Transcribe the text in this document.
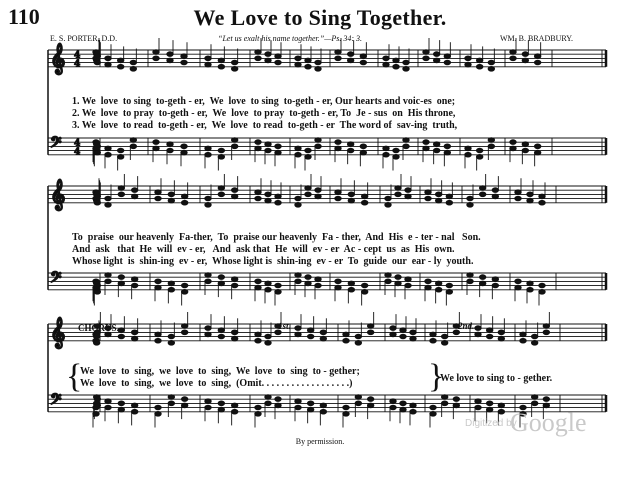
110	We Love to Sing Together.
E. S. PORTER, D.D.	“Let us exalt his name together.”—Ps. 34: 3.	WM. B. BRADBURY.
𝄞 4
4
𝄢 4
4
𝄞
𝄢
𝄞
𝄢
1. We  love  to sing  to-geth - er,  We  love  to sing  to-geth - er, Our hearts and voic-es  one;
2. We  love  to pray  to-geth - er,  We  love  to pray  to-geth - er, To  Je - sus  on  His throne,
3. We  love  to read  to-geth - er,  We  love  to read  to-geth - er  The word of  sav-ing  truth,
To  praise  our heavenly  Fa-ther,  To  praise our heavenly  Fa - ther,  And  His  e - ter - nal   Son.
And  ask   that  He  will  ev - er,   And  ask that  He  will  ev - er  Ac - cept  us  as  His  own.
Whose light  is  shin-ing  ev - er,  Whose light is  shin-ing  ev - er  To  guide  our  ear - ly  youth.
CHORUS.	1st.	2nd.
{
We  love  to  sing,  we  love  to  sing,  We  love  to  sing  to - gether;
We  love  to  sing,  we  love  to  sing,  (Omit. . . . . . . . . . . . . . . . . .) }
We love to sing to - gether.
By permission.
Digitized by
Google
